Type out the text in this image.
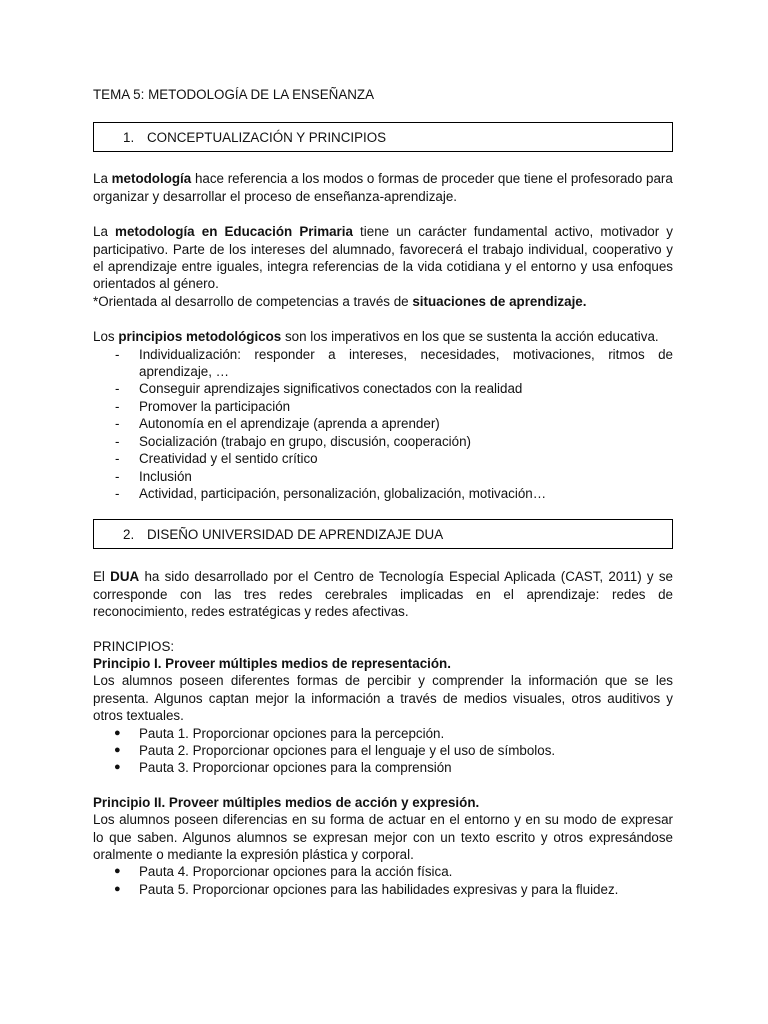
TEMA 5: METODOLOGÍA DE LA ENSEÑANZA

1. CONCEPTUALIZACIÓN Y PRINCIPIOS

La metodología hace referencia a los modos o formas de proceder que tiene el profesorado para organizar y desarrollar el proceso de enseñanza-aprendizaje.

La metodología en Educación Primaria tiene un carácter fundamental activo, motivador y participativo. Parte de los intereses del alumnado, favorecerá el trabajo individual, cooperativo y el aprendizaje entre iguales, integra referencias de la vida cotidiana y el entorno y usa enfoques orientados al género.

*Orientada al desarrollo de competencias a través de situaciones de aprendizaje.

Los principios metodológicos son los imperativos en los que se sustenta la acción educativa.

- Individualización: responder a intereses, necesidades, motivaciones, ritmos de aprendizaje, …
- Conseguir aprendizajes significativos conectados con la realidad
- Promover la participación
- Autonomía en el aprendizaje (aprenda a aprender)
- Socialización (trabajo en grupo, discusión, cooperación)
- Creatividad y el sentido crítico
- Inclusión
- Actividad, participación, personalización, globalización, motivación…
2. DISEÑO UNIVERSIDAD DE APRENDIZAJE DUA

El DUA ha sido desarrollado por el Centro de Tecnología Especial Aplicada (CAST, 2011) y se corresponde con las tres redes cerebrales implicadas en el aprendizaje: redes de reconocimiento, redes estratégicas y redes afectivas.

PRINCIPIOS:

Principio I. Proveer múltiples medios de representación.

Los alumnos poseen diferentes formas de percibir y comprender la información que se les presenta. Algunos captan mejor la información a través de medios visuales, otros auditivos y otros textuales.

● Pauta 1. Proporcionar opciones para la percepción.
● Pauta 2. Proporcionar opciones para el lenguaje y el uso de símbolos.
● Pauta 3. Proporcionar opciones para la comprensión

Principio II. Proveer múltiples medios de acción y expresión.

Los alumnos poseen diferencias en su forma de actuar en el entorno y en su modo de expresar lo que saben. Algunos alumnos se expresan mejor con un texto escrito y otros expresándose oralmente o mediante la expresión plástica y corporal.

● Pauta 4. Proporcionar opciones para la acción física.
● Pauta 5. Proporcionar opciones para las habilidades expresivas y para la fluidez.
